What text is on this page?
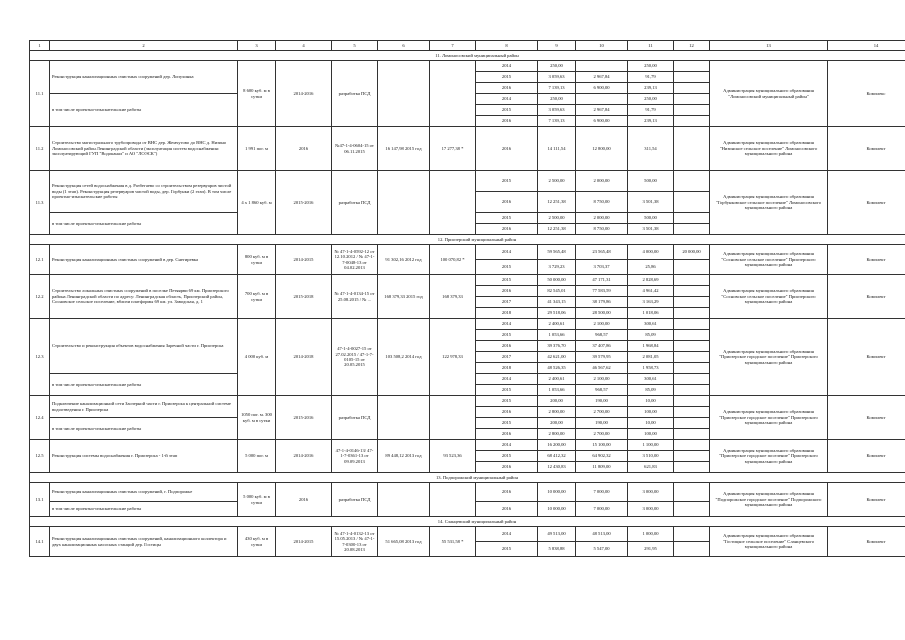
1	2	3	4	5	6	7	8	9	10	11	12	13	14
11. Ломоносовский муниципальный район													
11.1	Реконструкция канализационных очистных сооружений дер. Лопухинка	8 600 куб. м в сутки	2014-2016	разработка ПСД			2014	250,00		250,00		Администрация муниципального образования "Ломоносовский муниципальный район"	Комплекс
							2015	3 059,63	2 967,84	91,79			
							2016	7 139,13	6 900,00	239,13			
	в том числе проектно-изыскательские работы						2014	250,00		250,00			
							2015	3 059,63	2 967,84	91,79			
							2016	7 139,13	6 900,00	239,13			
11.2	Строительство магистрального трубопровода от ВНС дер. Жемчугово до ВНС д. Низино Ломоносовский район Ленинградской области (эксплуатация систем водоснабжения: эксплуатирующий ГУП "Водоканал" и АО "ЛОЭСК")	1 991 пог. м	2016	№47-1-4-0604-15 от 06.11.2015	16 147,98 2015 год	17 277,38 *	2016	14 111,54	12 800,00	311,54		Администрация муниципального образования "Низинское сельское поселение" Ломоносовского муниципального района	Комплект
11.3	Реконструкция сетей водоснабжения в д. Разбегаево со строительством резервуаров чистой воды (1 этап). Реконструкция резервуаров чистой воды, дер. Горбунки (2 этап). В том числе проектно-изыскательские работы	4 х 1 860 куб. м	2015-2016	разработка ПСД			2015	2 500,00	2 000,00	500,00		Администрация муниципального образования "Горбунковское сельское поселение" Ломоносовского муниципального района	Комплект
							2016	12 251,38	8 750,00	3 501,38			
	в том числе проектно-изыскательские работы						2015	2 500,00	2 000,00	500,00			
							2016	12 251,38	8 750,00	3 501,38			
12. Приозерский муниципальный район													
12.1	Реконструкция канализационных очистных сооружений в дер. Снегиревка	800 куб. м в сутки	2014-2015	№ 47-1-4-0592-12 от 12.10.2012 / № 47-1-7-0048-13 от 04.02.2013	91 302,16 2012 год	100 070,82 *	2014	59 565,48	23 565,48	4 000,00	20 000,00	Администрация муниципального образования "Сосновское сельское поселение" Приозерского муниципального района	Комплект
							2015	3 729,23	3 703,37	25,86			
12.2	Строительство локальных очистных сооружений в поселке Петяярви 69 км. Приозерского района Ленинградской области по адресу: Ленинградская область, Приозерский район, Сосновское сельское поселение, вблизи платформы 69 км. ул. Заводская, д. 1	700 куб. м в сутки	2015-2018	№ 47-1-4-0134-15 от 25.08.2015 / № ...	168 379,33 2015 год	168 379,33	2015	50 000,00	47 171,31	2 828,69		Администрация муниципального образования "Сосновское сельское поселение" Приозерского муниципального района	Комплект
							2016	82 545,01	77 583,59	4 961,42			
							2017	41 343,15	38 179,86	3 163,29			
							2018	29 518,06	28 500,00	1 018,06			
12.3	Строительство и реконструкция объектов водоснабжения Заречной части г. Приозерска	4 000 куб. м	2014-2018	47-1-4-0027-15 от 27.02.2015 / 47-1-7-0105-15 от 20.05.2015	103 508,2 2014 год	122 978,33	2014	2 400,61	2 100,00	300,61		Администрация муниципального образования "Приозерское городское поселение" Приозерского муниципального района	Комплект
							2015	1 053,66	968,57	85,09			
							2016	39 376,70	37 407,86	1 968,84			
							2017	42 621,00	39 579,95	2 081,05			
							2018	48 526,35	46 567,62	1 958,73			
	в том числе проектно-изыскательские работы						2014	2 400,61	2 100,00	300,61			
							2015	1 053,66	968,57	85,09			
12.4	Подключение канализационной сети Заозерной части г. Приозерска к центральной системе водоотведения г. Приозерска	1050 пог. м. 300 куб. м в сутки	2015-2016	разработка ПСД			2015	200,00	190,00	10,00		Администрация муниципального образования "Приозерское городское поселение" Приозерского муниципального района	Комплект
							2016	2 800,00	2 700,00	100,00			
	в том числе проектно-изыскательские работы						2015	200,00	190,00	10,00			
							2016	2 800,00	2 700,00	100,00			
12.5	Реконструкция системы водоснабжения г. Приозерска - 1-й этап	5 000 пог. м	2014-2016	47-1-4-0146-13/ 47-1-7-0361-13 от 09.09.2013	89 448,12 2013 год	93 523,36	2014	16 200,00	15 100,00	1 100,00		Администрация муниципального образования "Приозерское городское поселение" Приозерского муниципального района	Комплект
							2015	68 412,32	64 902,32	3 510,00			
							2016	12 430,83	11 809,00	621,83			
13. Подпорожский муниципальный район													
13.1	Реконструкция канализационных очистных сооружений, г. Подпорожье	5 000 куб. м в сутки	2016	разработка ПСД			2016	10 000,00	7 000,00	3 000,00		Администрация муниципального образования "Подпорожское городское поселение" Подпорожского муниципального района	Комплект
	в том числе проектно-изыскательские работы						2016	10 000,00	7 000,00	3 000,00			
14. Сланцевский муниципальный район													
14.1	Реконструкция канализационных очистных сооружений, канализационного коллектора и двух канализационных насосных станций дер. Гостицы	430 куб. м в сутки	2014-2015	№ 47-1-4-0132-13 от 15.05.2013 / № 47-1-7-0300-13 от 20.08.2013	51 665,08 2013 год	55 531,58 *	2014	49 513,00	48 513,00	1 000,00		Администрация муниципального образования "Гостицкое сельское поселение" Сланцевского муниципального района	Комплект
							2015	5 838,88	5 547,00	291,95			
